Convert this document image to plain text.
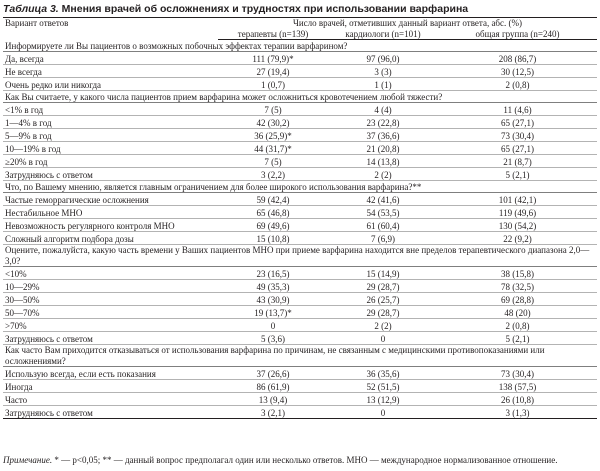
Таблица 3. Мнения врачей об осложнениях и трудностях при использовании варфарина
Вариант ответов	Число врачей, отметивших данный вариант ответа, абс. (%)		
	терапевты (n=139)	кардиологи (n=101)	общая группа (n=240)
Информируете ли Вы пациентов о возможных побочных эффектах терапии варфарином?			
Да, всегда	111 (79,9)*	97 (96,0)	208 (86,7)
Не всегда	27 (19,4)	3 (3)	30 (12,5)
Очень редко или никогда	1 (0,7)	1 (1)	2 (0,8)
Как Вы считаете, у какого числа пациентов прием варфарина может осложниться кровотечением любой тяжести?			
<1% в год	7 (5)	4 (4)	11 (4,6)
1—4% в год	42 (30,2)	23 (22,8)	65 (27,1)
5—9% в год	36 (25,9)*	37 (36,6)	73 (30,4)
10—19% в год	44 (31,7)*	21 (20,8)	65 (27,1)
≥20% в год	7 (5)	14 (13,8)	21 (8,7)
Затрудняюсь с ответом	3 (2,2)	2 (2)	5 (2,1)
Что, по Вашему мнению, является главным ограничением для более широкого использования варфарина?**			
Частые геморрагические осложнения	59 (42,4)	42 (41,6)	101 (42,1)
Нестабильное МНО	65 (46,8)	54 (53,5)	119 (49,6)
Невозможность регулярного контроля МНО	69 (49,6)	61 (60,4)	130 (54,2)
Сложный алгоритм подбора дозы	15 (10,8)	7 (6,9)	22 (9,2)
Оцените, пожалуйста, какую часть времени у Ваших пациентов МНО при приеме варфарина находится вне пределов терапевтического диапазона 2,0—3,0?			
<10%	23 (16,5)	15 (14,9)	38 (15,8)
10—29%	49 (35,3)	29 (28,7)	78 (32,5)
30—50%	43 (30,9)	26 (25,7)	69 (28,8)
50—70%	19 (13,7)*	29 (28,7)	48 (20)
>70%	0	2 (2)	2 (0,8)
Затрудняюсь с ответом	5 (3,6)	0	5 (2,1)
Как часто Вам приходится отказываться от использования варфарина по причинам, не связанным с медицинскими противопоказаниями или осложнениями?			
Использую всегда, если есть показания	37 (26,6)	36 (35,6)	73 (30,4)
Иногда	86 (61,9)	52 (51,5)	138 (57,5)
Часто	13 (9,4)	13 (12,9)	26 (10,8)
Затрудняюсь с ответом	3 (2,1)	0	3 (1,3)
Примечание. * — p<0,05; ** — данный вопрос предполагал один или несколько ответов. МНО — международное нормализованное отношение.
